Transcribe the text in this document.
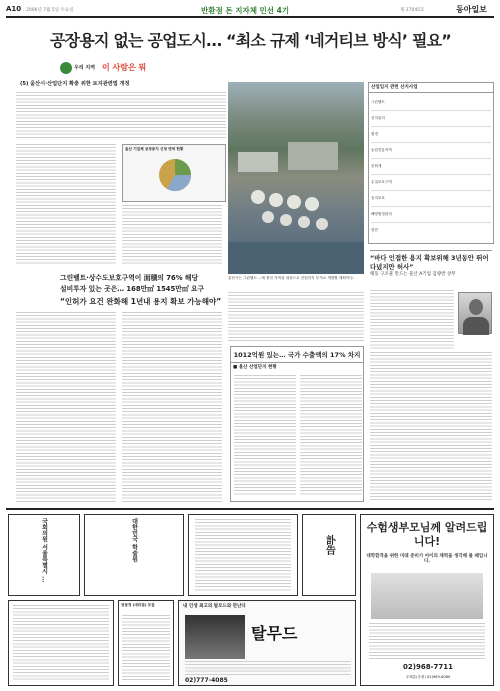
A10 2006년 7월 5일 수요일	반환점 돈 지자체 민선 4기	제 27045호	동아일보
공장용지 없는 공업도시… “최소 규제 ‘네거티브 방식’ 필요”
우리 지역 이 사람은 뭐
(5) 울산시·산업단지 확충 위한 토지관련법 개정
울산 기업체 공장용지 신청 면적 현황
울산시는 그린벨트 ...에 묶인 지역을 대상으로 산업단지 부지로 개발할 계획이다.
그린벨트·상수도보호구역이 面積의 76% 해당
설비투자 있는 곳은… 168만㎡ 1545만㎡ 요구
“인허가 요건 완화해 1년내 용지 확보 가능해야”
1012억원 있는… 국가 수출액의 17% 차지
■ 울산 산업단지 현황
산업입지 관련 산지사업
그린벨트
산지관리
환경
농업진흥지역
문화재
수질보호구역
습지보호
해양환경관리
항만
“바다 인접한 용지 확보위해 3년동안 뛰어다녔지만 허사”
태동 구조물 만드는 울산 A기업 김양반 상무
국회의원 서울특별시 ...	대한민국 학술원	訃告
수험생부모님께 알려드립니다!
대학합격을 위한 미래 준비가 아이의 체력을 생각해 볼 때입니다.
02)968-7711
우체통(우편) 02)963-6060
천문정 (대리점) 모집	내 인생 최고의 탈모드와 만난다
탈무드
02)777-4085
